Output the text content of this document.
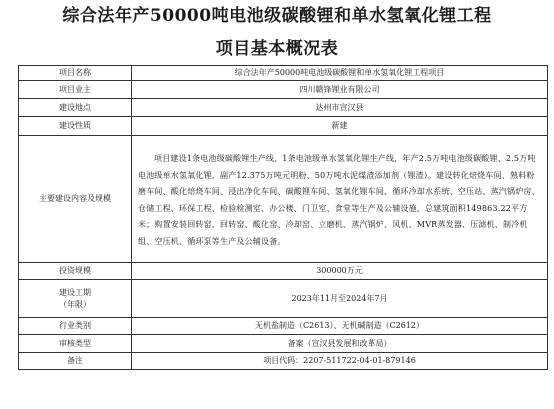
综合法年产50000吨电池级碳酸锂和单水氢氧化锂工程
项目基本概况表
项目名称	综合法年产50000吨电池级碳酸锂和单水氢氧化锂工程项目
项目业主	四川赣锋锂业有限公司
建设地点	达州市宣汉县
建设性质	新建
主要建设内容及规模	项目建设1条电池级碳酸锂生产线、1条电池级单水氢氧化锂生产线，年产2.5万吨电池级碳酸锂、2.5万吨电池级单水氢氧化锂，副产12.375万吨元明粉、50万吨水泥煤渣添加剂（锂渣）。建设转化焙烧车间、熟料粉磨车间、酸化焙烧车间、浸出净化车间、碳酸锂车间、氢氧化锂车间、循环冷却水系统、空压站、蒸汽锅炉房、仓储工程、环保工程、检验检测室、办公楼、门卫室、食堂等生产及公辅设施，总建筑面积149863.22平方米；购置安装回转窑、回转窑、酸化窑、冷却窑、立磨机、蒸汽锅炉、风机、MVR蒸发器、压滤机、制冷机组、空压机、循环泵等生产及公辅设备。
投资规模	300000万元

建设工期
（年限）	2023年11月至2024年7月
行业类别	无机盐制造（C2613）、无机碱制造（C2612）
审核类型	备案（宣汉县发展和改革局）
备注	项目代码：2207-511722-04-01-879146
